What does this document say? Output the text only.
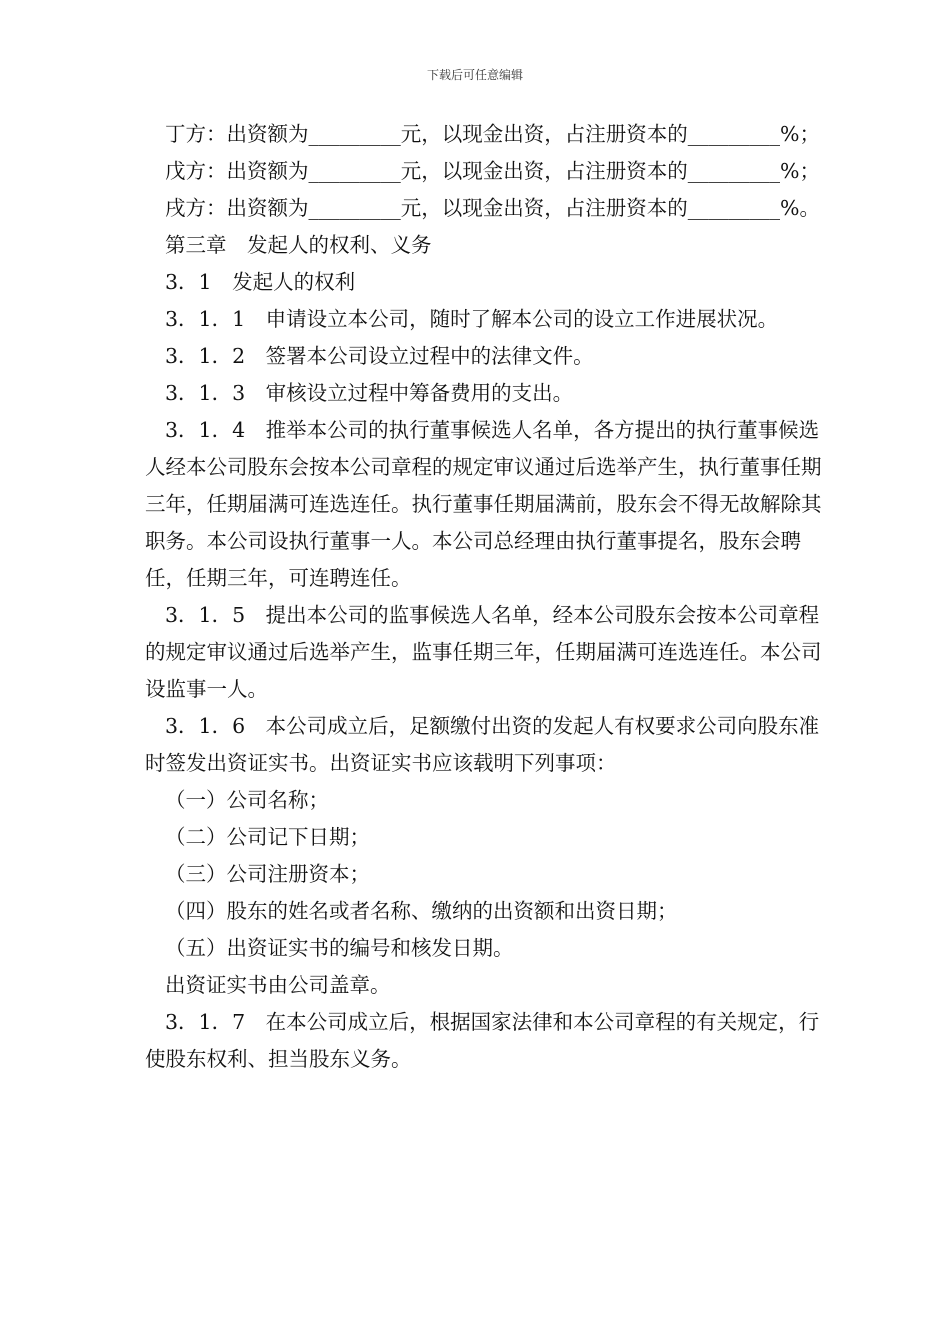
下载后可任意编辑

丁方：出资额为_________元，以现金出资，占注册资本的_________%；

戊方：出资额为_________元，以现金出资，占注册资本的_________%；

戌方：出资额为_________元，以现金出资，占注册资本的_________%。

第三章　发起人的权利、义务

3．1　发起人的权利

3．1．1　申请设立本公司，随时了解本公司的设立工作进展状况。

3．1．2　签署本公司设立过程中的法律文件。

3．1．3　审核设立过程中筹备费用的支出。

3．1．4　推举本公司的执行董事候选人名单，各方提出的执行董事候选人经本公司股东会按本公司章程的规定审议通过后选举产生，执行董事任期三年，任期届满可连选连任。执行董事任期届满前，股东会不得无故解除其职务。本公司设执行董事一人。本公司总经理由执行董事提名，股东会聘任，任期三年，可连聘连任。

3．1．5　提出本公司的监事候选人名单，经本公司股东会按本公司章程的规定审议通过后选举产生，监事任期三年，任期届满可连选连任。本公司设监事一人。

3．1．6　本公司成立后，足额缴付出资的发起人有权要求公司向股东准时签发出资证实书。出资证实书应该载明下列事项：

（一）公司名称；

（二）公司记下日期；

（三）公司注册资本；

（四）股东的姓名或者名称、缴纳的出资额和出资日期；

（五）出资证实书的编号和核发日期。

出资证实书由公司盖章。

3．1．7　在本公司成立后，根据国家法律和本公司章程的有关规定，行使股东权利、担当股东义务。
